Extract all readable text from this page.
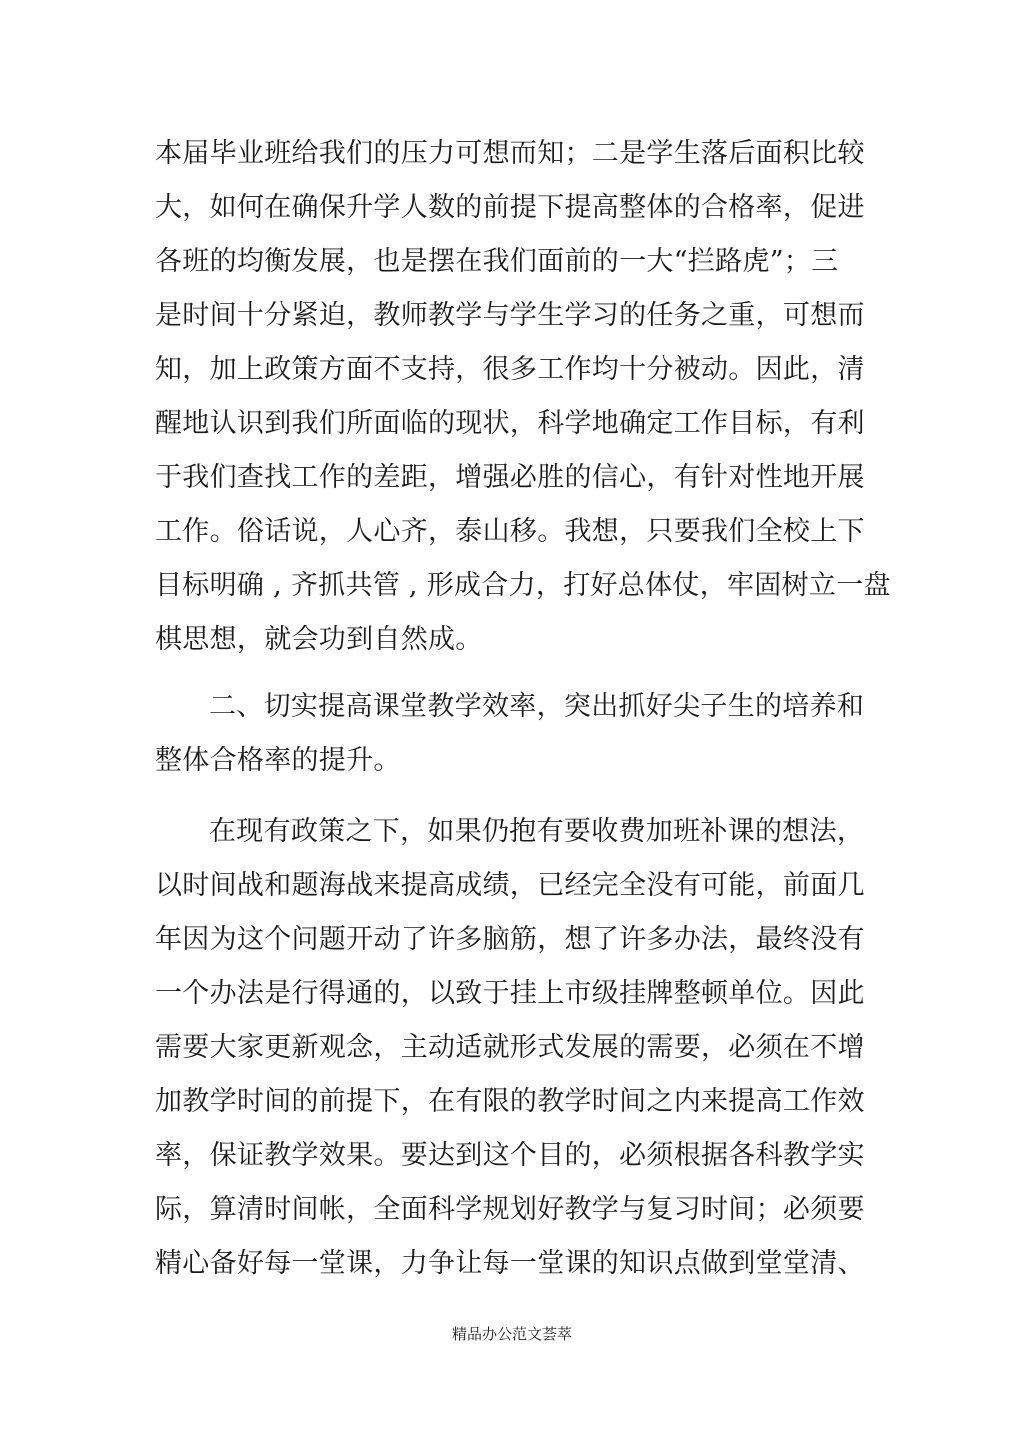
本届毕业班给我们的压力可想而知；二是学生落后面积比较
大，如何在确保升学人数的前提下提高整体的合格率，促进
各班的均衡发展，也是摆在我们面前的一大“拦路虎”；三
是时间十分紧迫，教师教学与学生学习的任务之重，可想而
知，加上政策方面不支持，很多工作均十分被动。因此，清
醒地认识到我们所面临的现状，科学地确定工作目标，有利
于我们查找工作的差距，增强必胜的信心，有针对性地开展
工作。俗话说，人心齐，泰山移。我想，只要我们全校上下
目标明确 , 齐抓共管 , 形成合力，打好总体仗，牢固树立一盘
棋思想，就会功到自然成。
二、切实提高课堂教学效率，突出抓好尖子生的培养和
整体合格率的提升。
在现有政策之下，如果仍抱有要收费加班补课的想法，
以时间战和题海战来提高成绩，已经完全没有可能，前面几
年因为这个问题开动了许多脑筋，想了许多办法，最终没有
一个办法是行得通的，以致于挂上市级挂牌整顿单位。因此
需要大家更新观念，主动适就形式发展的需要，必须在不增
加教学时间的前提下，在有限的教学时间之内来提高工作效
率，保证教学效果。要达到这个目的，必须根据各科教学实
际，算清时间帐，全面科学规划好教学与复习时间；必须要
精心备好每一堂课，力争让每一堂课的知识点做到堂堂清、
精品办公范文荟萃
